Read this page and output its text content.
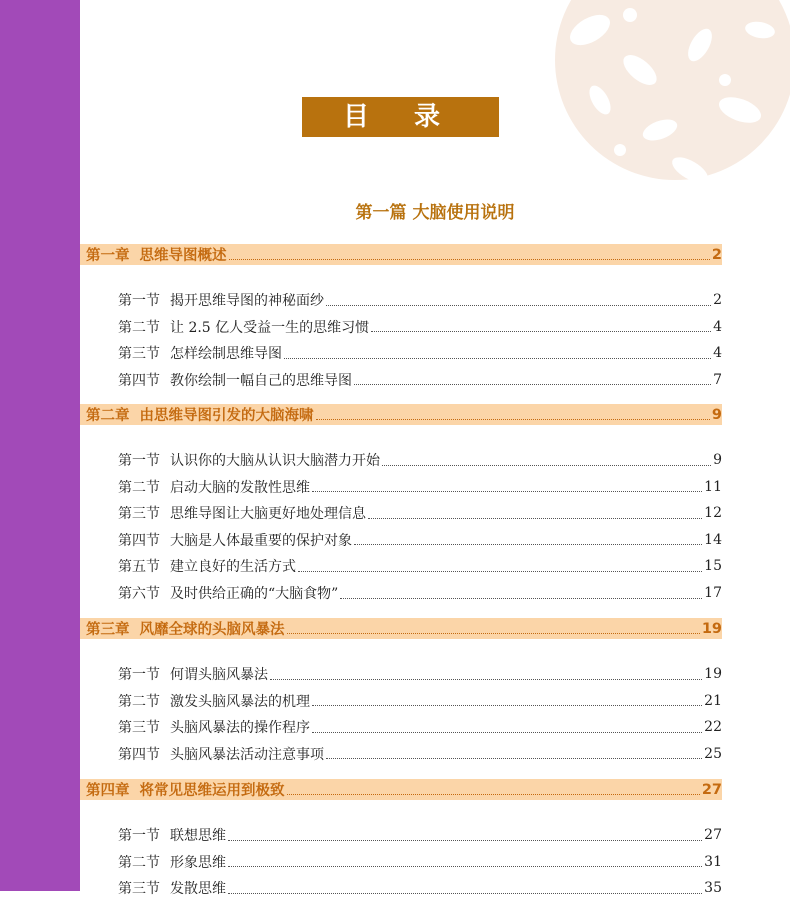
目 录
第一篇 大脑使用说明
第一章 思维导图概述	2
第一节 揭开思维导图的神秘面纱	2
第二节 让 2.5 亿人受益一生的思维习惯	4
第三节 怎样绘制思维导图	4
第四节 教你绘制一幅自己的思维导图	7
第二章 由思维导图引发的大脑海啸	9
第一节 认识你的大脑从认识大脑潜力开始	9
第二节 启动大脑的发散性思维	11
第三节 思维导图让大脑更好地处理信息	12
第四节 大脑是人体最重要的保护对象	14
第五节 建立良好的生活方式	15
第六节 及时供给正确的“大脑食物”	17
第三章 风靡全球的头脑风暴法	19
第一节 何谓头脑风暴法	19
第二节 激发头脑风暴法的机理	21
第三节 头脑风暴法的操作程序	22
第四节 头脑风暴法活动注意事项	25
第四章 将常见思维运用到极致	27
第一节 联想思维	27
第二节 形象思维	31
第三节 发散思维	35
